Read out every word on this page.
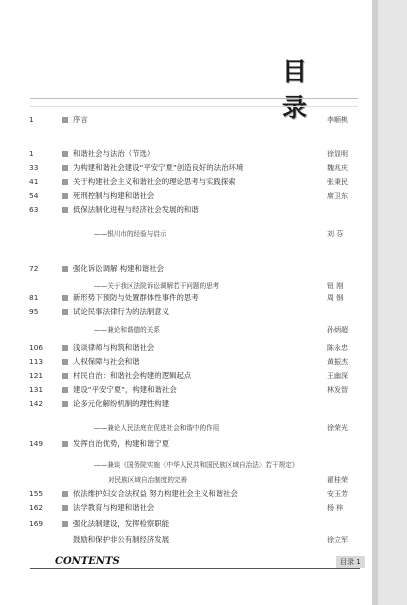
目 录
1	序言	李顺桃
1	和谐社会与法治（节选）	徐显明
33	为构建和谐社会建设“平安宁夏”创造良好的法治环境	魏兆庆
41	关于构建社会主义和谐社会的理论思考与实践探索	张秉民
54	死刑控制与构建和谐社会	席卫东
63	低保法制化进程与经济社会发展的和谐
——银川市的经验与启示	刘 芬
72	强化诉讼调解 构建和谐社会
——关于我区法院诉讼调解若干问题的思考	钮 刚
81	新形势下预防与处置群体性事件的思考	周 钢
95	试论民事法律行为的法制意义
——兼论和谐德的关系	孙炳超
106	浅谈律师与构筑和谐社会	陈永忠
113	人权保障与社会和谐	黄振杰
121	村民自治：和谐社会构建的逻辑起点	王幽深
131	建设“平安宁夏”，构建和谐社会	林发智
142	论多元化解纷机制的理性构建
——兼论人民法庭在促进社会和谐中的作用	徐荣光
149	发挥自治优势，构建和谐宁夏
——兼谈《国务院实施〈中华人民共和国民族区域自治法〉若干规定》
对民族区域自治制度的完善	翟桂荣
155	依法维护妇女合法权益 努力构建社会主义和谐社会	安玉芳
162	法学教育与构建和谐社会	杨 梓
169	强化法制建设，发挥检察职能
鼓励和保护非公有制经济发展	徐立军
CONTENTS	目录 1
